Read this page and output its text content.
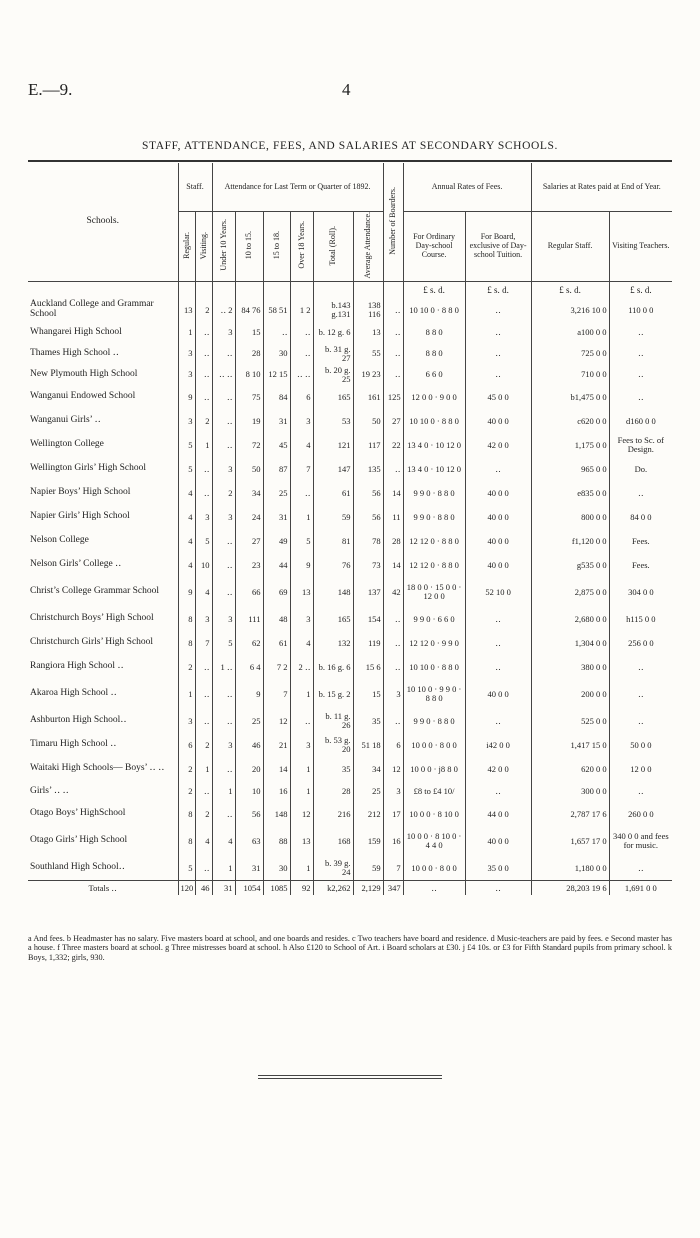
E.—9.	4
STAFF, ATTENDANCE, FEES, AND SALARIES AT SECONDARY SCHOOLS.
Schools.	Staff.		Attendance for Last Term or Quarter of 1892.						Number of Boarders.	Annual Rates of Fees.		Salaries at Rates paid at End of Year.	
	Regular.	Visiting.	Under 10 Years.	10 to 15.	15 to 18.	Over 18 Years.	Total (Roll).	Average Attendance.		For Ordinary Day-school Course.	For Board, exclusive of Day-school Tuition.	Regular Staff.	Visiting Teachers.
										£ s. d.	£ s. d.	£ s. d.	£ s. d.
Auckland College and Grammar School	13	2	‥ 2	84 76	58 51	1 2	b.143 g.131	138 116	‥	10 10 0 · 8 8 0	‥	3,216 10 0	110 0 0
Whangarei High School	1	‥	3	15	‥	‥	b. 12 g. 6	13	‥	8 8 0	‥	a100 0 0	‥
Thames High School ‥	3	‥	‥	28	30	‥	b. 31 g. 27	55	‥	8 8 0	‥	725 0 0	‥
New Plymouth High School	3	‥	‥ ‥	8 10	12 15	‥ ‥	b. 20 g. 25	19 23	‥	6 6 0	‥	710 0 0	‥
Wanganui Endowed School	9	‥	‥	75	84	6	165	161	125	12 0 0 · 9 0 0	45 0 0	b1,475 0 0	‥
Wanganui Girls’ ‥	3	2	‥	19	31	3	53	50	27	10 10 0 · 8 8 0	40 0 0	c620 0 0	d160 0 0
Wellington College	5	1	‥	72	45	4	121	117	22	13 4 0 · 10 12 0	42 0 0	1,175 0 0	Fees to Sc. of Design.
Wellington Girls’ High School	5	‥	3	50	87	7	147	135	‥	13 4 0 · 10 12 0	‥	965 0 0	Do.
Napier Boys’ High School	4	‥	2	34	25	‥	61	56	14	9 9 0 · 8 8 0	40 0 0	e835 0 0	‥
Napier Girls’ High School	4	3	3	24	31	1	59	56	11	9 9 0 · 8 8 0	40 0 0	800 0 0	84 0 0
Nelson College	4	5	‥	27	49	5	81	78	28	12 12 0 · 8 8 0	40 0 0	f1,120 0 0	Fees.
Nelson Girls’ College ‥	4	10	‥	23	44	9	76	73	14	12 12 0 · 8 8 0	40 0 0	g535 0 0	Fees.
Christ’s College Grammar School	9	4	‥	66	69	13	148	137	42	18 0 0 · 15 0 0 · 12 0 0	52 10 0	2,875 0 0	304 0 0
Christchurch Boys’ High School	8	3	3	111	48	3	165	154	‥	9 9 0 · 6 6 0	‥	2,680 0 0	h115 0 0
Christchurch Girls’ High School	8	7	5	62	61	4	132	119	‥	12 12 0 · 9 9 0	‥	1,304 0 0	256 0 0
Rangiora High School ‥	2	‥	1 ‥	6 4	7 2	2 ‥	b. 16 g. 6	15 6	‥	10 10 0 · 8 8 0	‥	380 0 0	‥
Akaroa High School ‥	1	‥	‥	9	7	1	b. 15 g. 2	15	3	10 10 0 · 9 9 0 · 8 8 0	40 0 0	200 0 0	‥
Ashburton High School‥	3	‥	‥	25	12	‥	b. 11 g. 26	35	‥	9 9 0 · 8 8 0	‥	525 0 0	‥
Timaru High School ‥	6	2	3	46	21	3	b. 53 g. 20	51 18	6	10 0 0 · 8 0 0	i42 0 0	1,417 15 0	50 0 0
Waitaki High Schools— Boys’ ‥ ‥	2	1	‥	20	14	1	35	34	12	10 0 0 · j8 8 0	42 0 0	620 0 0	12 0 0
Girls’ ‥ ‥	2	‥	1	10	16	1	28	25	3	£8 to £4 10/	‥	300 0 0	‥
Otago Boys’ HighSchool	8	2	‥	56	148	12	216	212	17	10 0 0 · 8 10 0	44 0 0	2,787 17 6	260 0 0
Otago Girls’ High School	8	4	4	63	88	13	168	159	16	10 0 0 · 8 10 0 · 4 4 0	40 0 0	1,657 17 0	340 0 0 and fees for music.
Southland High School‥	5	‥	1	31	30	1	b. 39 g. 24	59	7	10 0 0 · 8 0 0	35 0 0	1,180 0 0	‥
Totals ‥	120	46	31	1054	1085	92	k2,262	2,129	347	‥	‥	28,203 19 6	1,691 0 0
a And fees. b Headmaster has no salary. Five masters board at school, and one boards and resides. c Two teachers have board and residence. d Music-teachers are paid by fees. e Second master has a house. f Three masters board at school. g Three mistresses board at school. h Also £120 to School of Art. i Board scholars at £30. j £4 10s. or £3 for Fifth Standard pupils from primary school. k Boys, 1,332; girls, 930.
